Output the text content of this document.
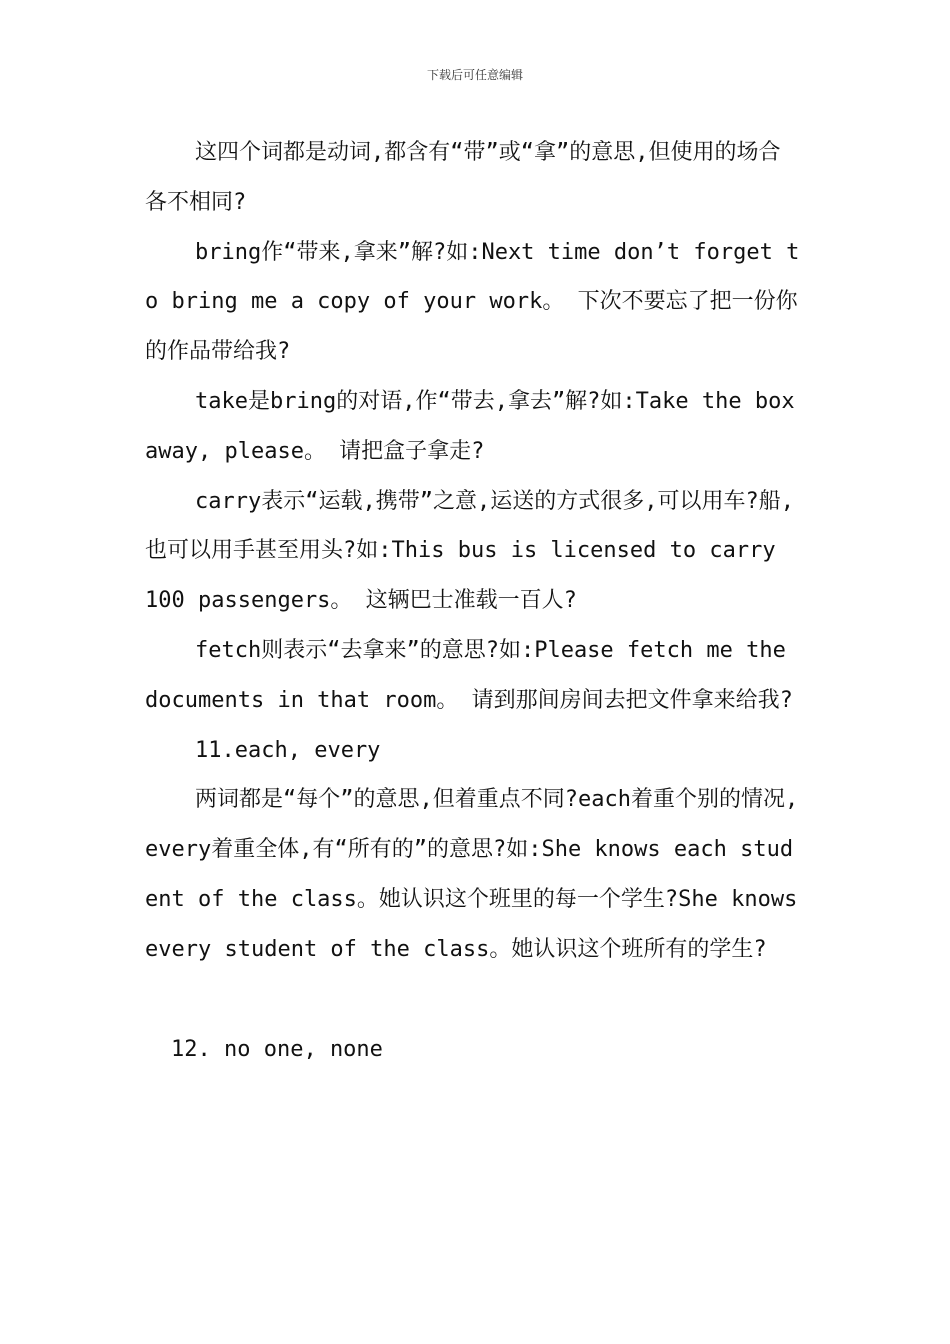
下载后可任意编辑

这四个词都是动词,都含有“带”或“拿”的意思,但使用的场合各不相同?

bring作“带来,拿来”解?如:Next time don’t forget to bring me a copy of your work。 下次不要忘了把一份你的作品带给我?

take是bring的对语,作“带去,拿去”解?如:Take the box away, please。 请把盒子拿走?

carry表示“运载,携带”之意,运送的方式很多,可以用车?船,也可以用手甚至用头?如:This bus is licensed to carry 100 passengers。 这辆巴士准载一百人?

fetch则表示“去拿来”的意思?如:Please fetch me the documents in that room。 请到那间房间去把文件拿来给我?

11.each, every

两词都是“每个”的意思,但着重点不同?each着重个别的情况,every着重全体,有“所有的”的意思?如:She knows each student of the class。她认识这个班里的每一个学生?She knows every student of the class。她认识这个班所有的学生?

12. no one, none
